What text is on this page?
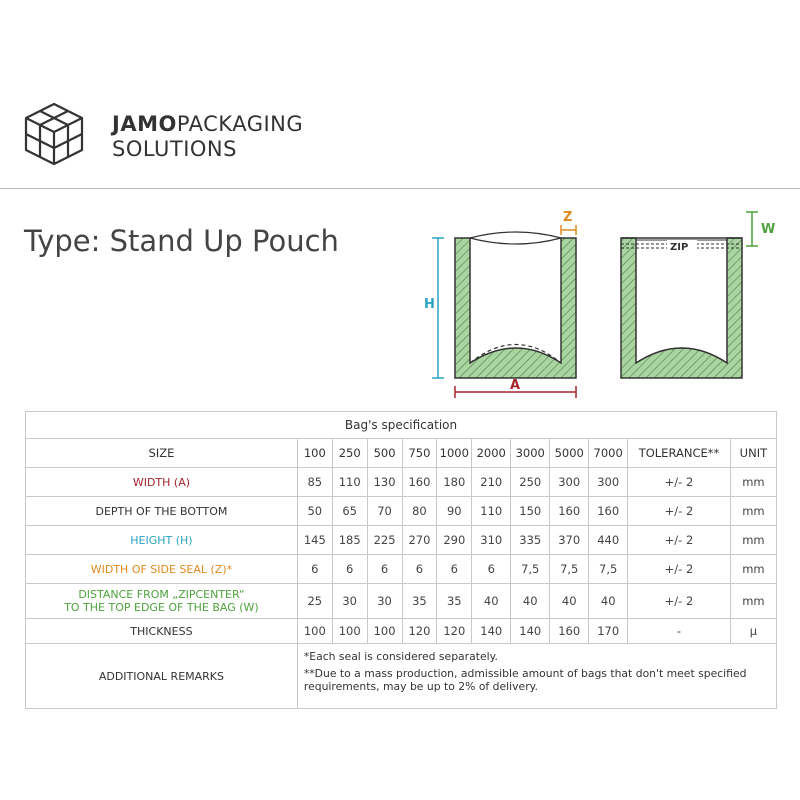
JAMOPACKAGING
SOLUTIONS
Type: Stand Up Pouch
H
A
Z
ZIP
W
Bag's specification											
SIZE	100	250	500	750	1000	2000	3000	5000	7000	TOLERANCE**	UNIT
WIDTH (A)	85	110	130	160	180	210	250	300	300	+/- 2	mm
DEPTH OF THE BOTTOM	50	65	70	80	90	110	150	160	160	+/- 2	mm
HEIGHT (H)	145	185	225	270	290	310	335	370	440	+/- 2	mm
WIDTH OF SIDE SEAL (Z)*	6	6	6	6	6	6	7,5	7,5	7,5	+/- 2	mm
DISTANCE FROM „ZIPCENTER“
TO THE TOP EDGE OF THE BAG (W)	25	30	30	35	35	40	40	40	40	+/- 2	mm
THICKNESS	100	100	100	120	120	140	140	160	170	-	μ
ADDITIONAL REMARKS	*Each seal is considered separately.

**Due to a mass production, admissible amount of bags that don't meet specified requirements, may be up to 2% of delivery.										
